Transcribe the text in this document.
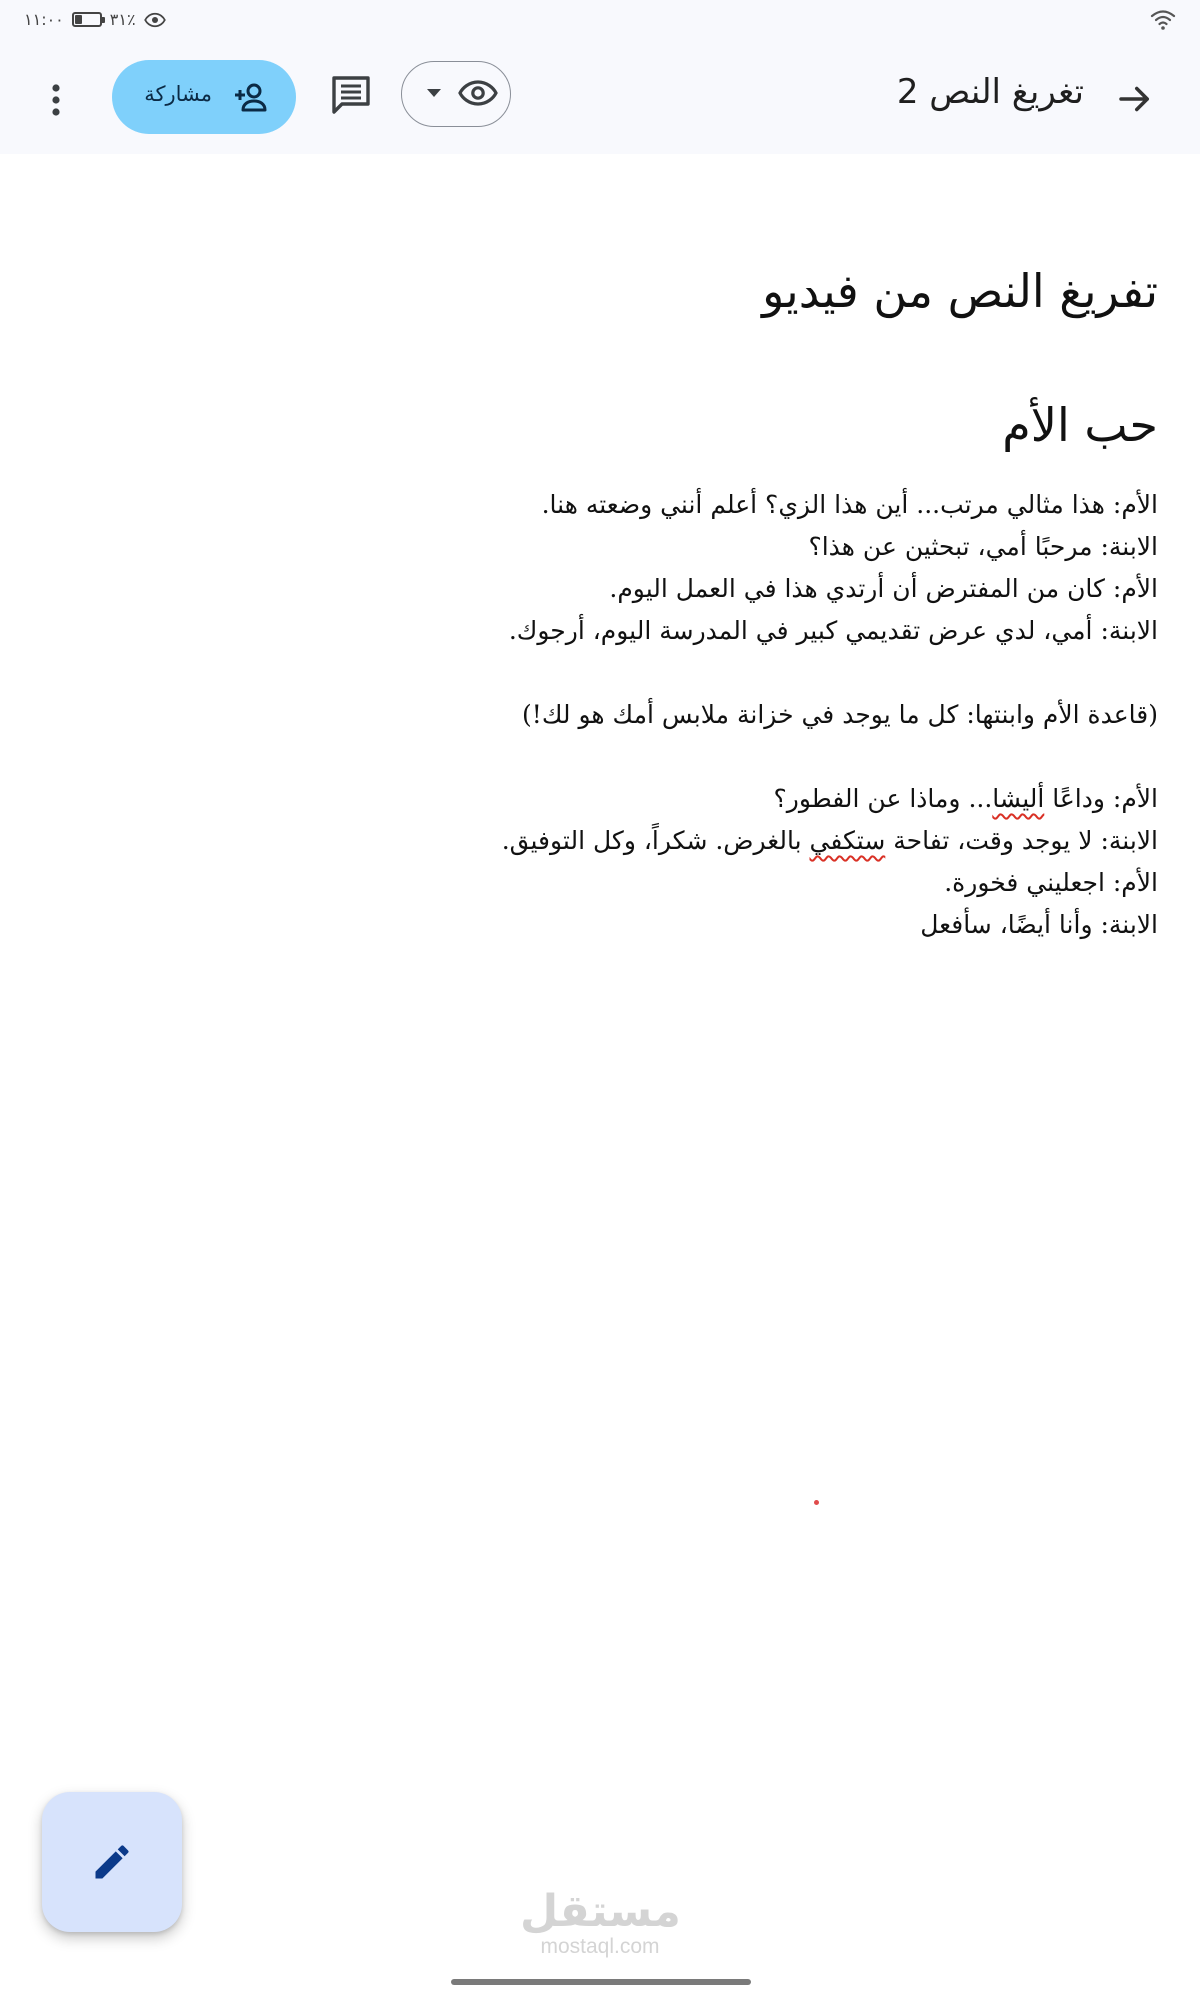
١١:٠٠	٣١٪
تغريغ النص 2
مشاركة
تفريغ النص من فيديو
حب الأم
الأم: هذا مثالي مرتب... أين هذا الزي؟ أعلم أنني وضعته هنا.
الابنة: مرحبًا أمي، تبحثين عن هذا؟
الأم: كان من المفترض أن أرتدي هذا في العمل اليوم.
الابنة: أمي، لدي عرض تقديمي كبير في المدرسة اليوم، أرجوك.
(قاعدة الأم وابنتها: كل ما يوجد في خزانة ملابس أمك هو لك!)
الأم: وداعًا أليشا... وماذا عن الفطور؟
الابنة: لا يوجد وقت، تفاحة ستكفي بالغرض. شكراً، وكل التوفيق.
الأم: اجعليني فخورة.
الابنة: وأنا أيضًا، سأفعل
مستقل
mostaql.com
